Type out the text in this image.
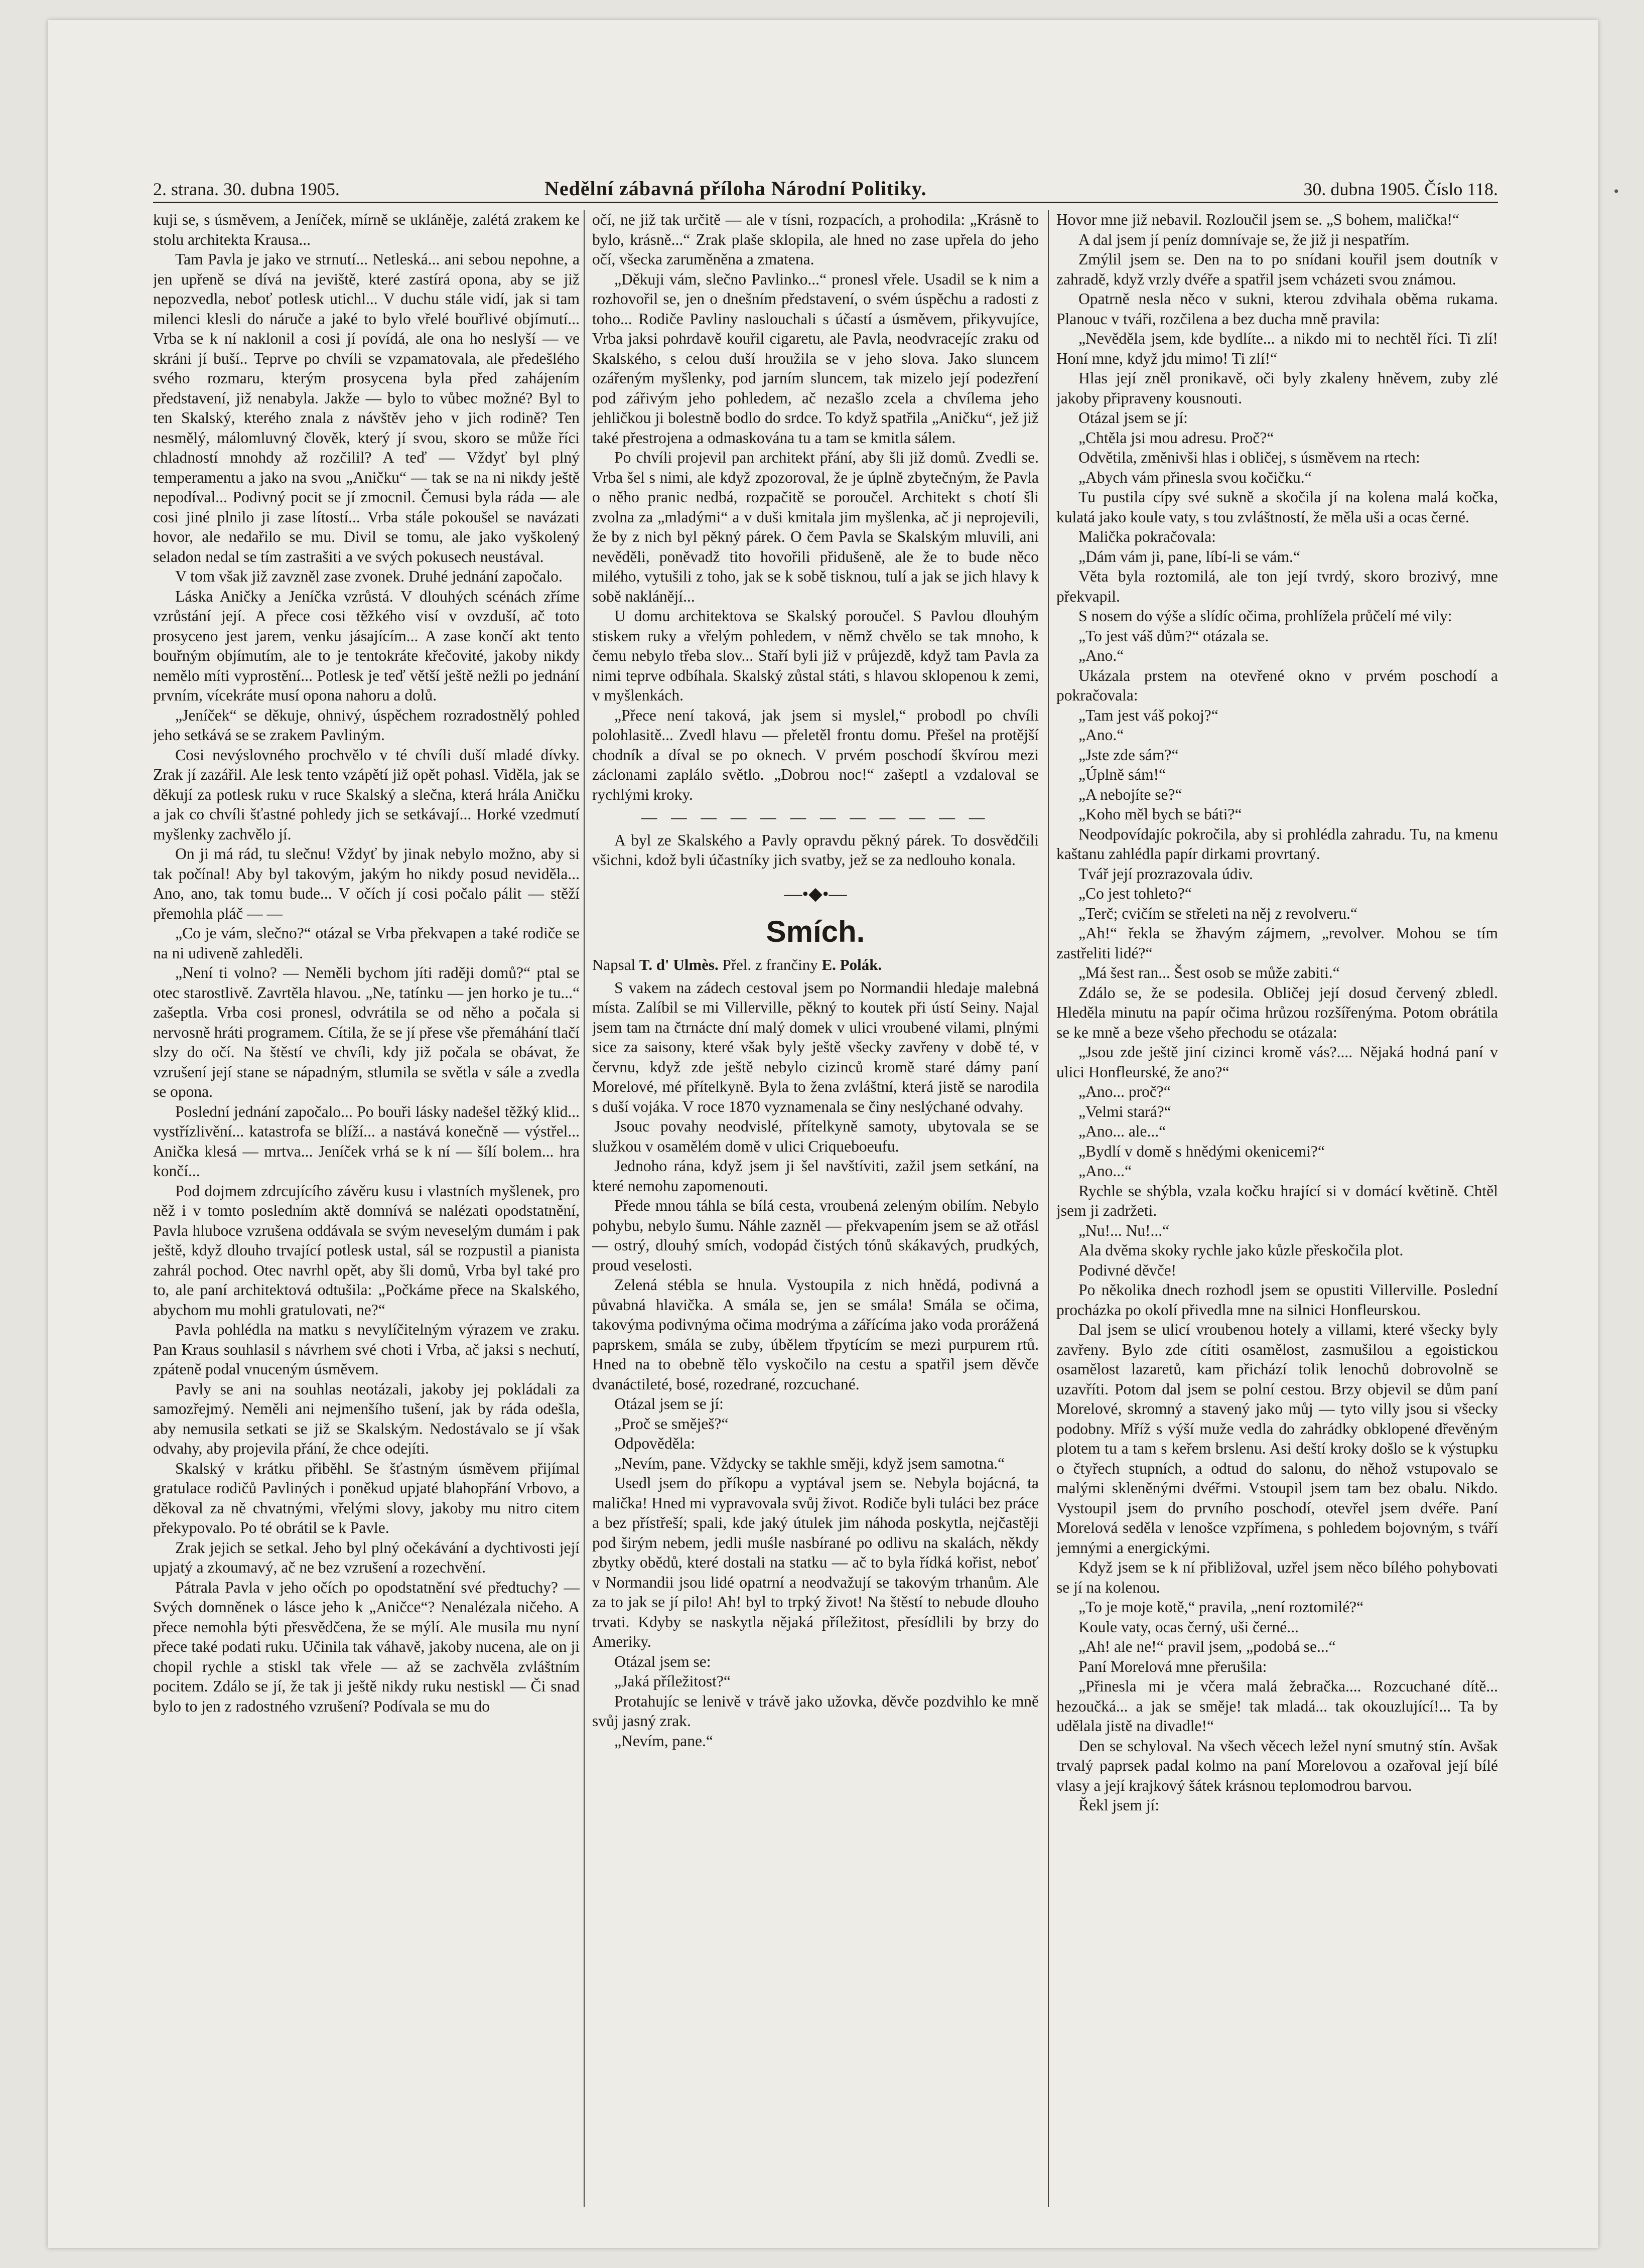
2. strana. 30. dubna 1905.	Nedělní zábavná příloha Národní Politiky.	30. dubna 1905. Číslo 118.	•

kuji se, s úsměvem, a Jeníček, mírně se ukláněje, zalétá zrakem ke stolu architekta Krausa...

Tam Pavla je jako ve strnutí... Netleská... ani sebou nepohne, a jen upřeně se dívá na jeviště, které zastírá opona, aby se již nepozvedla, neboť potlesk utichl... V duchu stále vidí, jak si tam milenci klesli do náruče a jaké to bylo vřelé bouřlivé objímutí... Vrba se k ní naklonil a cosi jí povídá, ale ona ho neslyší — ve skráni jí buší.. Teprve po chvíli se vzpamatovala, ale předešlého svého rozmaru, kterým prosycena byla před zahájením představení, již nenabyla. Jakže — bylo to vůbec možné? Byl to ten Skalský, kterého znala z návštěv jeho v jich rodině? Ten nesmělý, málomluvný člověk, který jí svou, skoro se může říci chladností mnohdy až rozčilil? A teď — Vždyť byl plný temperamentu a jako na svou „Aničku“ — tak se na ni nikdy ještě nepodíval... Podivný pocit se jí zmocnil. Čemusi byla ráda — ale cosi jiné plnilo ji zase lítostí... Vrba stále pokoušel se navázati hovor, ale nedařilo se mu. Divil se tomu, ale jako vyškolený seladon nedal se tím zastrašiti a ve svých pokusech neustával.

V tom však již zavzněl zase zvonek. Druhé jednání započalo.

Láska Aničky a Jeníčka vzrůstá. V dlouhých scénách zříme vzrůstání její. A přece cosi těžkého visí v ovzduší, ač toto prosyceno jest jarem, venku jásajícím... A zase končí akt tento bouřným objímutím, ale to je tentokráte křečovité, jakoby nikdy nemělo míti vyprostění... Potlesk je teď větší ještě nežli po jednání prvním, vícekráte musí opona nahoru a dolů.

„Jeníček“ se děkuje, ohnivý, úspěchem rozradostnělý pohled jeho setkává se se zrakem Pavliným.

Cosi nevýslovného prochvělo v té chvíli duší mladé dívky. Zrak jí zazářil. Ale lesk tento vzápětí již opět pohasl. Viděla, jak se děkují za potlesk ruku v ruce Skalský a slečna, která hrála Aničku a jak co chvíli šťastné pohledy jich se setkávají... Horké vzedmutí myšlenky zachvělo jí.

On ji má rád, tu slečnu! Vždyť by jinak nebylo možno, aby si tak počínal! Aby byl takovým, jakým ho nikdy posud neviděla... Ano, ano, tak tomu bude... V očích jí cosi počalo pálit — stěží přemohla pláč — —

„Co je vám, slečno?“ otázal se Vrba překvapen a také rodiče se na ni udiveně zahleděli.

„Není ti volno? — Neměli bychom jíti raději domů?“ ptal se otec starostlivě. Zavrtěla hlavou. „Ne, tatínku — jen horko je tu...“ zašeptla. Vrba cosi pronesl, odvrátila se od něho a počala si nervosně hráti programem. Cítila, že se jí přese vše přemáhání tlačí slzy do očí. Na štěstí ve chvíli, kdy již počala se obávat, že vzrušení její stane se nápadným, stlumila se světla v sále a zvedla se opona.

Poslední jednání započalo... Po bouři lásky nadešel těžký klid... vystřízlivění... katastrofa se blíží... a nastává konečně — výstřel... Anička klesá — mrtva... Jeníček vrhá se k ní — šílí bolem... hra končí...

Pod dojmem zdrcujícího závěru kusu i vlastních myšlenek, pro něž i v tomto posledním aktě domnívá se nalézati opodstatnění, Pavla hluboce vzrušena oddávala se svým neveselým dumám i pak ještě, když dlouho trvající potlesk ustal, sál se rozpustil a pianista zahrál pochod. Otec navrhl opět, aby šli domů, Vrba byl také pro to, ale paní architektová odtušila: „Počkáme přece na Skalského, abychom mu mohli gratulovati, ne?“

Pavla pohlédla na matku s nevylíčitelným výrazem ve zraku. Pan Kraus souhlasil s návrhem své choti i Vrba, ač jaksi s nechutí, zpáteně podal vnuceným úsměvem.

Pavly se ani na souhlas neotázali, jakoby jej pokládali za samozřejmý. Neměli ani nejmenšího tušení, jak by ráda odešla, aby nemusila setkati se již se Skalským. Nedostávalo se jí však odvahy, aby projevila přání, že chce odejíti.

Skalský v krátku přiběhl. Se šťastným úsměvem přijímal gratulace rodičů Pavliných i poněkud upjaté blahopřání Vrbovo, a děkoval za ně chvatnými, vřelými slovy, jakoby mu nitro citem překypovalo. Po té obrátil se k Pavle.

Zrak jejich se setkal. Jeho byl plný očekávání a dychtivosti její upjatý a zkoumavý, ač ne bez vzrušení a rozechvění.

Pátrala Pavla v jeho očích po opodstatnění své předtuchy? — Svých domněnek o lásce jeho k „Aničce“? Nenalézala ničeho. A přece nemohla býti přesvědčena, že se mýlí. Ale musila mu nyní přece také podati ruku. Učinila tak váhavě, jakoby nucena, ale on ji chopil rychle a stiskl tak vřele — až se zachvěla zvláštním pocitem. Zdálo se jí, že tak ji ještě nikdy ruku nestiskl — Či snad bylo to jen z radostného vzrušení? Podívala se mu do

očí, ne již tak určitě — ale v tísni, rozpacích, a prohodila: „Krásně to bylo, krásně...“ Zrak plaše sklopila, ale hned no zase upřela do jeho očí, všecka zaruměněna a zmatena.

„Děkuji vám, slečno Pavlinko...“ pronesl vřele. Usadil se k nim a rozhovořil se, jen o dnešním představení, o svém úspěchu a radosti z toho... Rodiče Pavliny naslouchali s účastí a úsměvem, přikyvujíce, Vrba jaksi pohrdavě kouřil cigaretu, ale Pavla, neodvracejíc zraku od Skalského, s celou duší hroužila se v jeho slova. Jako sluncem ozářeným myšlenky, pod jarním sluncem, tak mizelo její podezření pod zářivým jeho pohledem, ač nezašlo zcela a chvílema jeho jehličkou ji bolestně bodlo do srdce. To když spatřila „Aničku“, jež již také přestrojena a odmaskována tu a tam se kmitla sálem.

Po chvíli projevil pan architekt přání, aby šli již domů. Zvedli se. Vrba šel s nimi, ale když zpozoroval, že je úplně zbytečným, že Pavla o něho pranic nedbá, rozpačitě se poroučel. Architekt s chotí šli zvolna za „mladými“ a v duši kmitala jim myšlenka, ač ji neprojevili, že by z nich byl pěkný párek. O čem Pavla se Skalským mluvili, ani nevěděli, poněvadž tito hovořili přidušeně, ale že to bude něco milého, vytušili z toho, jak se k sobě tisknou, tulí a jak se jich hlavy k sobě naklánějí...

U domu architektova se Skalský poroučel. S Pavlou dlouhým stiskem ruky a vřelým pohledem, v němž chvělo se tak mnoho, k čemu nebylo třeba slov... Staří byli již v průjezdě, když tam Pavla za nimi teprve odbíhala. Skalský zůstal státi, s hlavou sklopenou k zemi, v myšlenkách.

„Přece není taková, jak jsem si myslel,“ probodl po chvíli polohlasitě... Zvedl hlavu — přeletěl frontu domu. Přešel na protější chodník a díval se po oknech. V prvém poschodí škvírou mezi záclonami zaplálo světlo. „Dobrou noc!“ zašeptl a vzdaloval se rychlými kroky.

— — — — — — — — — — — —

A byl ze Skalského a Pavly opravdu pěkný párek. To dosvědčili všichni, kdož byli účastníky jich svatby, jež se za nedlouho konala.

—•◆•—
Smích.
Napsal T. d' Ulmès. Přel. z frančiny E. Polák.

S vakem na zádech cestoval jsem po Normandii hledaje malebná místa. Zalíbil se mi Villerville, pěkný to koutek při ústí Seiny. Najal jsem tam na čtrnácte dní malý domek v ulici vroubené vilami, plnými sice za saisony, které však byly ještě všecky zavřeny v době té, v červnu, když zde ještě nebylo cizinců kromě staré dámy paní Morelové, mé přítelkyně. Byla to žena zvláštní, která jistě se narodila s duší vojáka. V roce 1870 vyznamenala se činy neslýchané odvahy.

Jsouc povahy neodvislé, přítelkyně samoty, ubytovala se se služkou v osamělém domě v ulici Criqueboeufu.

Jednoho rána, když jsem ji šel navštíviti, zažil jsem setkání, na které nemohu zapomenouti.

Přede mnou táhla se bílá cesta, vroubená zeleným obilím. Nebylo pohybu, nebylo šumu. Náhle zazněl — překvapením jsem se až otřásl — ostrý, dlouhý smích, vodopád čistých tónů skákavých, prudkých, proud veselosti.

Zelená stébla se hnula. Vystoupila z nich hnědá, podivná a půvabná hlavička. A smála se, jen se smála! Smála se očima, takovýma podivnýma očima modrýma a zářícíma jako voda prorážená paprskem, smála se zuby, úbělem třpytícím se mezi purpurem rtů. Hned na to obebně tělo vyskočilo na cestu a spatřil jsem děvče dvanáctileté, bosé, rozedrané, rozcuchané.

Otázal jsem se jí:

„Proč se směješ?“

Odpověděla:

„Nevím, pane. Vždycky se takhle směji, když jsem samotna.“

Usedl jsem do příkopu a vyptával jsem se. Nebyla bojácná, ta malička! Hned mi vypravovala svůj život. Rodiče byli tuláci bez práce a bez přístřeší; spali, kde jaký útulek jim náhoda poskytla, nejčastěji pod širým nebem, jedli muśle nasbírané po odlivu na skalách, někdy zbytky obědů, které dostali na statku — ač to byla řídká kořist, neboť v Normandii jsou lidé opatrní a neodvažují se takovým trhanům. Ale za to jak se jí pilo! Ah! byl to trpký život! Na štěstí to nebude dlouho trvati. Kdyby se naskytla nějaká příležitost, přesídlili by brzy do Ameriky.

Otázal jsem se:

„Jaká příležitost?“

Protahujíc se lenivě v trávě jako užovka, děvče pozdvihlo ke mně svůj jasný zrak.

„Nevím, pane.“

Hovor mne již nebavil. Rozloučil jsem se. „S bohem, malička!“

A dal jsem jí peníz domnívaje se, že již ji nespatřím.

Zmýlil jsem se. Den na to po snídani kouřil jsem doutník v zahradě, když vrzly dvéře a spatřil jsem vcházeti svou známou.

Opatrně nesla něco v sukni, kterou zdvihala oběma rukama. Planouc v tváři, rozčilena a bez ducha mně pravila:

„Nevěděla jsem, kde bydlíte... a nikdo mi to nechtěl říci. Ti zlí! Honí mne, když jdu mimo! Ti zlí!“

Hlas její zněl pronikavě, oči byly zkaleny hněvem, zuby zlé jakoby připraveny kousnouti.

Otázal jsem se jí:

„Chtěla jsi mou adresu. Proč?“

Odvětila, změnivši hlas i obličej, s úsměvem na rtech:

„Abych vám přinesla svou kočičku.“

Tu pustila cípy své sukně a skočila jí na kolena malá kočka, kulatá jako koule vaty, s tou zvláštností, že měla uši a ocas černé.

Malička pokračovala:

„Dám vám ji, pane, líbí-li se vám.“

Věta byla roztomilá, ale ton její tvrdý, skoro brozivý, mne překvapil.

S nosem do výše a slídíc očima, prohlížela průčelí mé vily:

„To jest váš dům?“ otázala se.

„Ano.“

Ukázala prstem na otevřené okno v prvém poschodí a pokračovala:

„Tam jest váš pokoj?“

„Ano.“

„Jste zde sám?“

„Úplně sám!“

„A nebojíte se?“

„Koho měl bych se báti?“

Neodpovídajíc pokročila, aby si prohlédla zahradu. Tu, na kmenu kaštanu zahlédla papír dirkami provrtaný.

Tvář její prozrazovala údiv.

„Co jest tohleto?“

„Terč; cvičím se střeleti na něj z revolveru.“

„Ah!“ řekla se žhavým zájmem, „revolver. Mohou se tím zastřeliti lidé?“

„Má šest ran... Šest osob se může zabiti.“

Zdálo se, že se podesila. Obličej její dosud červený zbledl. Hleděla minutu na papír očima hrůzou rozšířenýma. Potom obrátila se ke mně a beze všeho přechodu se otázala:

„Jsou zde ještě jiní cizinci kromě vás?.... Nějaká hodná paní v ulici Honfleurské, že ano?“

„Ano... proč?“

„Velmi stará?“

„Ano... ale...“

„Bydlí v domě s hnědými okenicemi?“

„Ano...“

Rychle se shýbla, vzala kočku hrající si v domácí květině. Chtěl jsem ji zadržeti.

„Nu!... Nu!...“

Ala dvěma skoky rychle jako kůzle přeskočila plot.

Podivné děvče!

Po několika dnech rozhodl jsem se opustiti Villerville. Poslední procházka po okolí přivedla mne na silnici Honfleurskou.

Dal jsem se ulicí vroubenou hotely a villami, které všecky byly zavřeny. Bylo zde cítiti osamělost, zasmušilou a egoistickou osamělost lazaretů, kam přichází tolik lenochů dobrovolně se uzavříti. Potom dal jsem se polní cestou. Brzy objevil se dům paní Morelové, skromný a stavený jako můj — tyto villy jsou si všecky podobny. Mříž s výší muže vedla do zahrádky obklopené dřevěným plotem tu a tam s keřem brslenu. Asi deští kroky došlo se k výstupku o čtyřech stupních, a odtud do salonu, do něhož vstupovalo se malými skleněnými dvéřmi. Vstoupil jsem tam bez obalu. Nikdo. Vystoupil jsem do prvního poschodí, otevřel jsem dvéře. Paní Morelová seděla v lenošce vzpřímena, s pohledem bojovným, s tváří jemnými a energickými.

Když jsem se k ní přibližoval, uzřel jsem něco bílého pohybovati se jí na kolenou.

„To je moje kotě,“ pravila, „není roztomilé?“

Koule vaty, ocas černý, uši černé...

„Ah! ale ne!“ pravil jsem, „podobá se...“

Paní Morelová mne přerušila:

„Přinesla mi je včera malá žebračka.... Rozcuchané dítě... hezoučká... a jak se směje! tak mladá... tak okouzlující!... Ta by udělala jistě na divadle!“

Den se schyloval. Na všech věcech ležel nyní smutný stín. Avšak trvalý paprsek padal kolmo na paní Morelovou a ozařoval její bílé vlasy a její krajkový šátek krásnou teplomodrou barvou.

Řekl jsem jí:
